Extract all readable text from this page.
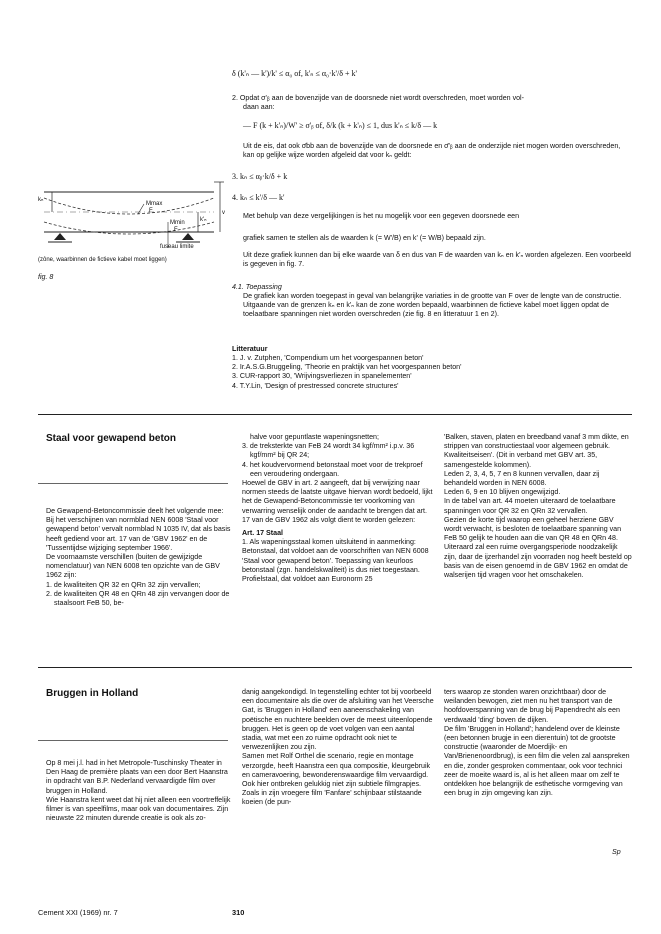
δ (k'ₙ — k')/k' ≤ α₀ of, k'ₙ ≤ α₀·k'/δ + k'
2. Opdat σ'ᵦ aan de bovenzijde van de doorsnede niet wordt overschreden, moet worden vol-
daan aan:
— F (k + k'ₙ)/W' ≥ σ'ᵦ of, δ/k (k + k'ₙ) ≤ 1, dus k'ₙ ≤ k/δ — k
Uit de eis, dat ook σ̄bb aan de bovenzijde van de doorsnede en σ̄'ᵦ aan de onderzijde niet mogen worden overschreden, kan op gelijke wijze worden afgeleid dat voor kₙ geldt:
3. kₙ ≤ αᵦ·k/δ + k
4. kₙ ≤ k'/δ — k'
Met behulp van deze vergelijkingen is het nu mogelijk voor een gegeven doorsnede een
grafiek samen te stellen als de waarden k (= W'/B) en k' (= W/B) bepaald zijn.
Uit deze grafiek kunnen dan bij elke waarde van δ en dus van F de waarden van kₙ en k'ₙ worden afgelezen. Een voorbeeld is gegeven in fig. 7.
kₙ
k'ₙ
v
Mmax
F
Mmin
F
fuseau limite
(zône, waarbinnen de fictieve kabel moet liggen)
fig. 8
4.1. Toepassing
De grafiek kan worden toegepast in geval van belangrijke variaties in de grootte van F over de lengte van de constructie. Uitgaande van de grenzen kₙ en k'ₙ kan de zone worden bepaald, waarbinnen de fictieve kabel moet liggen opdat de toelaatbare spanningen niet worden overschreden (zie fig. 8 en litteratuur 1 en 2).
Litteratuur
1. J. v. Zutphen, 'Compendium um het voorgespannen beton'
2. Ir.A.S.G.Bruggeling, 'Theorie en praktijk van het voorgespannen beton'
3. CUR-rapport 30, 'Wrijvingsverliezen in spanelementen'
4. T.Y.Lin, 'Design of prestressed concrete structures'
Staal voor gewapend beton

De Gewapend-Betoncommissie deelt het volgende mee:

Bij het verschijnen van normblad NEN 6008 'Staal voor gewapend beton' vervalt normblad N 1035 IV, dat als basis heeft gediend voor art. 17 van de 'GBV 1962' en de 'Tussentijdse wijziging september 1966'.

De voornaamste verschillen (buiten de gewijzigde nomenclatuur) van NEN 6008 ten opzichte van de GBV 1962 zijn:

1. de kwaliteiten QR 32 en QRn 32 zijn vervallen;

2. de kwaliteiten QR 48 en QRn 48 zijn vervangen door de staalsoort FeB 50, be-

halve voor gepuntlaste wapeningsnetten;

3. de treksterkte van FeB 24 wordt 34 kgf/mm² i.p.v. 36 kgf/mm² bij QR 24;

4. het koudvervormend betonstaal moet voor de trekproef een veroudering ondergaan.

Hoewel de GBV in art. 2 aangeeft, dat bij verwijzing naar normen steeds de laatste uitgave hiervan wordt bedoeld, lijkt het de Gewapend-Betoncommissie ter voorkoming van verwarring wenselijk onder de aandacht te brengen dat art. 17 van de GBV 1962 als volgt dient te worden gelezen:

Art. 17 Staal

1. Als wapeningsstaal komen uitsluitend in aanmerking:

Betonstaal, dat voldoet aan de voorschriften van NEN 6008 'Staal voor gewapend beton'. Toepassing van keurloos betonstaal (zgn. handelskwaliteit) is dus niet toegestaan.

Profielstaal, dat voldoet aan Euronorm 25

'Balken, staven, platen en breedband vanaf 3 mm dikte, en strippen van constructiestaal voor algemeen gebruik. Kwaliteitseisen'. (Dit in verband met GBV art. 35, samengestelde kolommen).

Leden 2, 3, 4, 5, 7 en 8 kunnen vervallen, daar zij behandeld worden in NEN 6008.

Leden 6, 9 en 10 blijven ongewijzigd.

In de tabel van art. 44 moeten uiteraard de toelaatbare spanningen voor QR 32 en QRn 32 vervallen.

Gezien de korte tijd waarop een geheel herziene GBV wordt verwacht, is besloten de toelaatbare spanning van FeB 50 gelijk te houden aan die van QR 48 en QRn 48.

Uiteraard zal een ruime overgangsperiode noodzakelijk zijn, daar de ijzerhandel zijn voorraden nog heeft besteld op basis van de eisen genoemd in de GBV 1962 en omdat de walserijen tijd vragen voor het omschakelen.

Bruggen in Holland
Op 8 mei j.l. had in het Metropole-Tuschinsky Theater in Den Haag de première plaats van een door Bert Haanstra in opdracht van B.P. Nederland vervaardigde film over bruggen in Holland.
Wie Haanstra kent weet dat hij niet alleen een voortreffelijk filmer is van speelfilms, maar ook van documentaires. Zijn nieuwste 22 minuten durende creatie is ook als zo-
danig aangekondigd. In tegenstelling echter tot bij voorbeeld een documentaire als die over de afsluiting van het Veersche Gat, is 'Bruggen in Holland' een aaneenschakeling van poëtische en nuchtere beelden over de meest uiteenlopende bruggen. Het is geen op de voet volgen van een aantal stadia, wat met een zo ruime opdracht ook niet te verwezenlijken zou zijn.
Samen met Rolf Orthel die scenario, regie en montage verzorgde, heeft Haanstra een qua compositie, kleurgebruik en cameravoering, bewonderenswaardige film vervaardigd. Ook hier ontbreken gelukkig niet zijn subtiele filmgrapjes. Zoals in zijn vroegere film 'Fanfare' schijnbaar stilstaande koeien (de pun-
ters waarop ze stonden waren onzichtbaar) door de weilanden bewogen, ziet men nu het transport van de hoofdoverspanning van de brug bij Papendrecht als een verdwaald 'ding' boven de dijken.
De film 'Bruggen in Holland'; handelend over de kleinste (een betonnen brugje in een dierentuin) tot de grootste constructie (waaronder de Moerdijk- en Van/Brienenoordbrug), is een film die velen zal aanspreken en die, zonder gesproken commentaar, ook voor technici zeer de moeite waard is, al is het alleen maar om zelf te ontdekken hoe belangrijk de esthetische vormgeving van een brug in zijn omgeving kan zijn.
Sp
Cement XXI (1969) nr. 7	310
